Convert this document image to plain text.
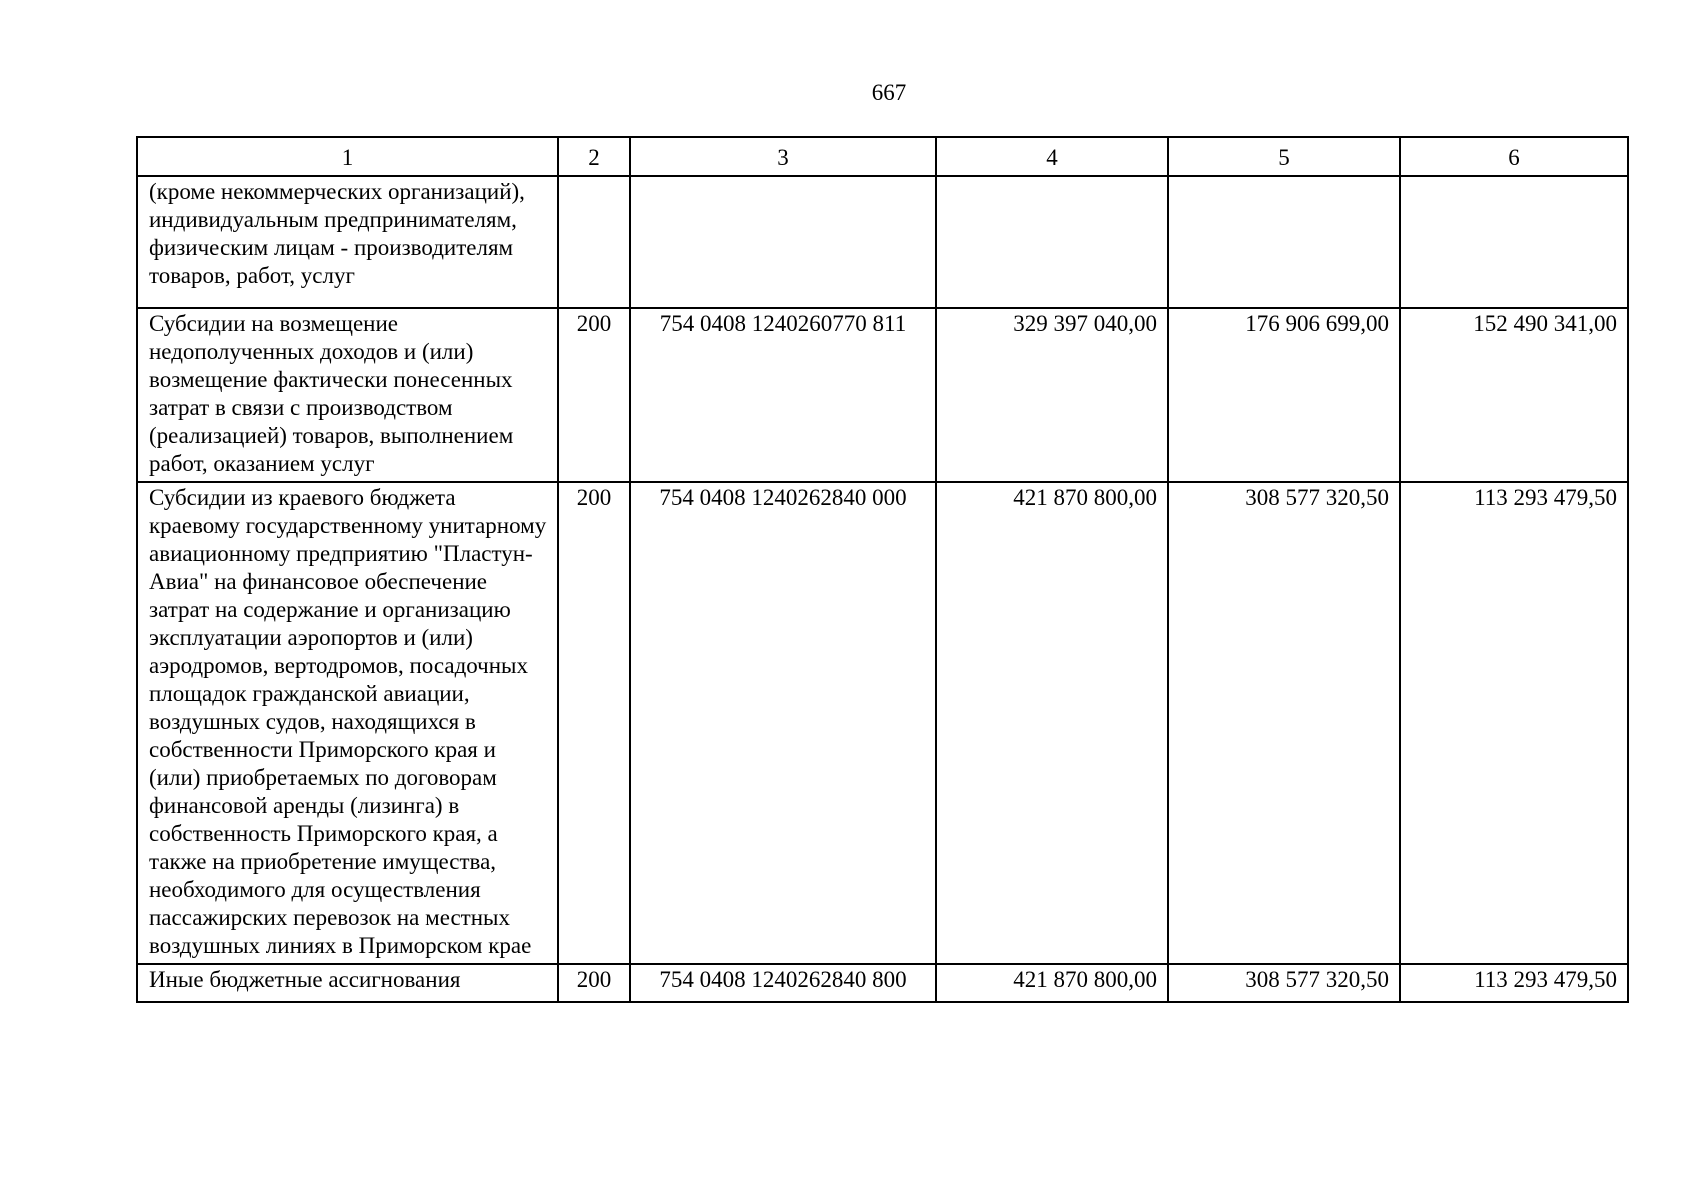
667
1	2	3	4	5	6
(кроме некоммерческих организаций), индивидуальным предпринимателям, физическим лицам - производителям товаров, работ, услуг					
Субсидии на возмещение недополученных доходов и (или) возмещение фактически понесенных затрат в связи с производством (реализацией) товаров, выполнением работ, оказанием услуг	200	754 0408 1240260770 811	329 397 040,00	176 906 699,00	152 490 341,00
Субсидии из краевого бюджета краевому государственному унитарному авиационному предприятию "Пластун-Авиа" на финансовое обеспечение затрат на содержание и организацию эксплуатации аэропортов и (или) аэродромов, вертодромов, посадочных площадок гражданской авиации, воздушных судов, находящихся в собственности Приморского края и (или) приобретаемых по договорам финансовой аренды (лизинга) в собственность Приморского края, а также на приобретение имущества, необходимого для осуществления пассажирских перевозок на местных воздушных линиях в Приморском крае	200	754 0408 1240262840 000	421 870 800,00	308 577 320,50	113 293 479,50
Иные бюджетные ассигнования	200	754 0408 1240262840 800	421 870 800,00	308 577 320,50	113 293 479,50
